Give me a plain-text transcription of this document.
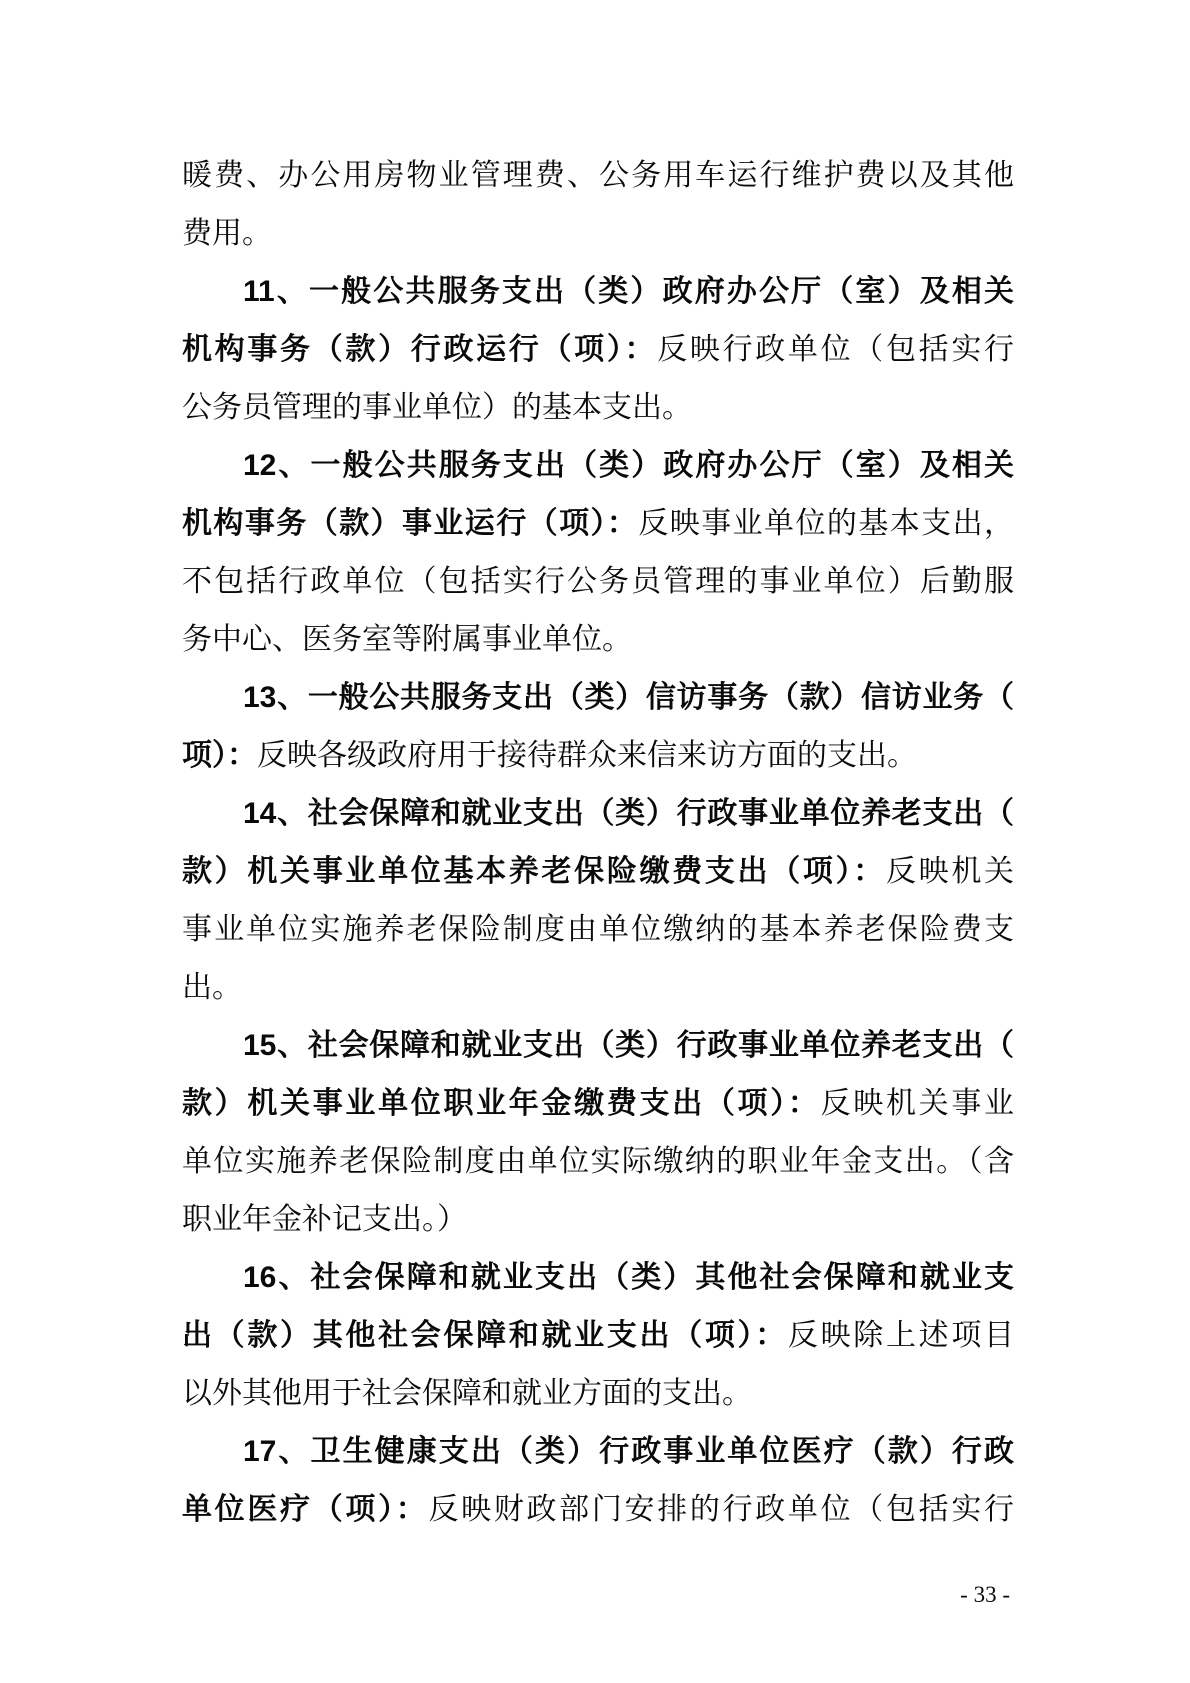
暖费、办公用房物业管理费、公务用车运行维护费以及其他
费用。
11、一般公共服务支出（类）政府办公厅（室）及相关
机构事务（款）行政运行（项）：反映行政单位（包括实行
公务员管理的事业单位）的基本支出。
12、一般公共服务支出（类）政府办公厅（室）及相关
机构事务（款）事业运行（项）：反映事业单位的基本支出，
不包括行政单位（包括实行公务员管理的事业单位）后勤服
务中心、医务室等附属事业单位。
13、一般公共服务支出（类）信访事务（款）信访业务（
项）：反映各级政府用于接待群众来信来访方面的支出。
14、社会保障和就业支出（类）行政事业单位养老支出（
款）机关事业单位基本养老保险缴费支出（项）：反映机关
事业单位实施养老保险制度由单位缴纳的基本养老保险费支
出。
15、社会保障和就业支出（类）行政事业单位养老支出（
款）机关事业单位职业年金缴费支出（项）：反映机关事业
单位实施养老保险制度由单位实际缴纳的职业年金支出。（含
职业年金补记支出。）
16、社会保障和就业支出（类）其他社会保障和就业支
出（款）其他社会保障和就业支出（项）：反映除上述项目
以外其他用于社会保障和就业方面的支出。
17、卫生健康支出（类）行政事业单位医疗（款）行政
单位医疗（项）：反映财政部门安排的行政单位（包括实行
- 33 -
